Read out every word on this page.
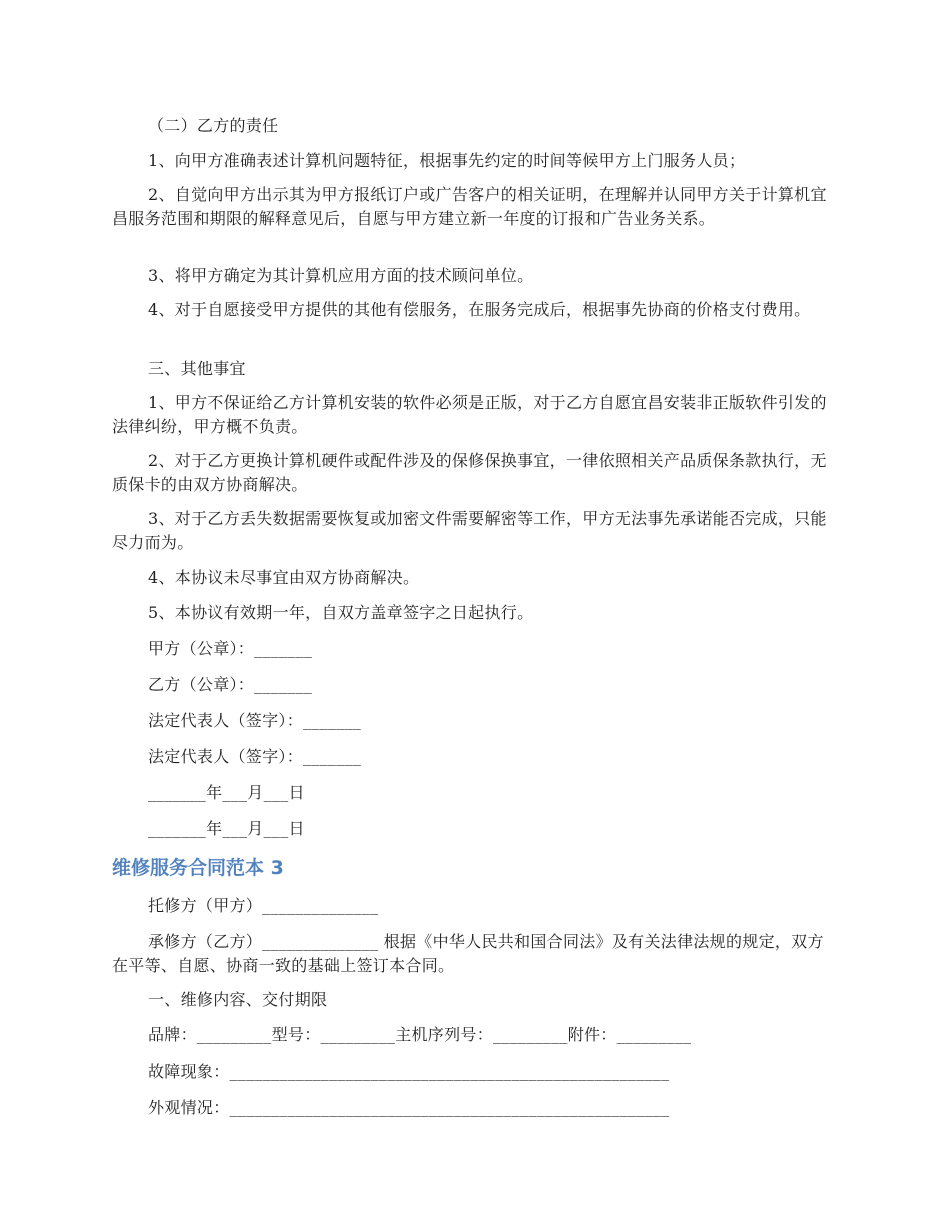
（二）乙方的责任

1、向甲方准确表述计算机问题特征，根据事先约定的时间等候甲方上门服务人员；

2、自觉向甲方出示其为甲方报纸订户或广告客户的相关证明，在理解并认同甲方关于计算机宜昌服务范围和期限的解释意见后，自愿与甲方建立新一年度的订报和广告业务关系。

3、将甲方确定为其计算机应用方面的技术顾问单位。

4、对于自愿接受甲方提供的其他有偿服务，在服务完成后，根据事先协商的价格支付费用。

三、其他事宜

1、甲方不保证给乙方计算机安装的软件必须是正版，对于乙方自愿宜昌安装非正版软件引发的法律纠纷，甲方概不负责。

2、对于乙方更换计算机硬件或配件涉及的保修保换事宜，一律依照相关产品质保条款执行，无质保卡的由双方协商解决。

3、对于乙方丢失数据需要恢复或加密文件需要解密等工作，甲方无法事先承诺能否完成，只能尽力而为。

4、本协议未尽事宜由双方协商解决。

5、本协议有效期一年，自双方盖章签字之日起执行。

甲方（公章）：_______

乙方（公章）：_______

法定代表人（签字）：_______

法定代表人（签字）：_______

_______年___月___日

_______年___月___日

维修服务合同范本 3

托修方（甲方）______________

承修方（乙方）______________ 根据《中华人民共和国合同法》及有关法律法规的规定，双方在平等、自愿、协商一致的基础上签订本合同。

一、维修内容、交付期限

品牌：_________型号：_________主机序列号：_________附件：_________

故障现象：_____________________________________________________

外观情况：_____________________________________________________
